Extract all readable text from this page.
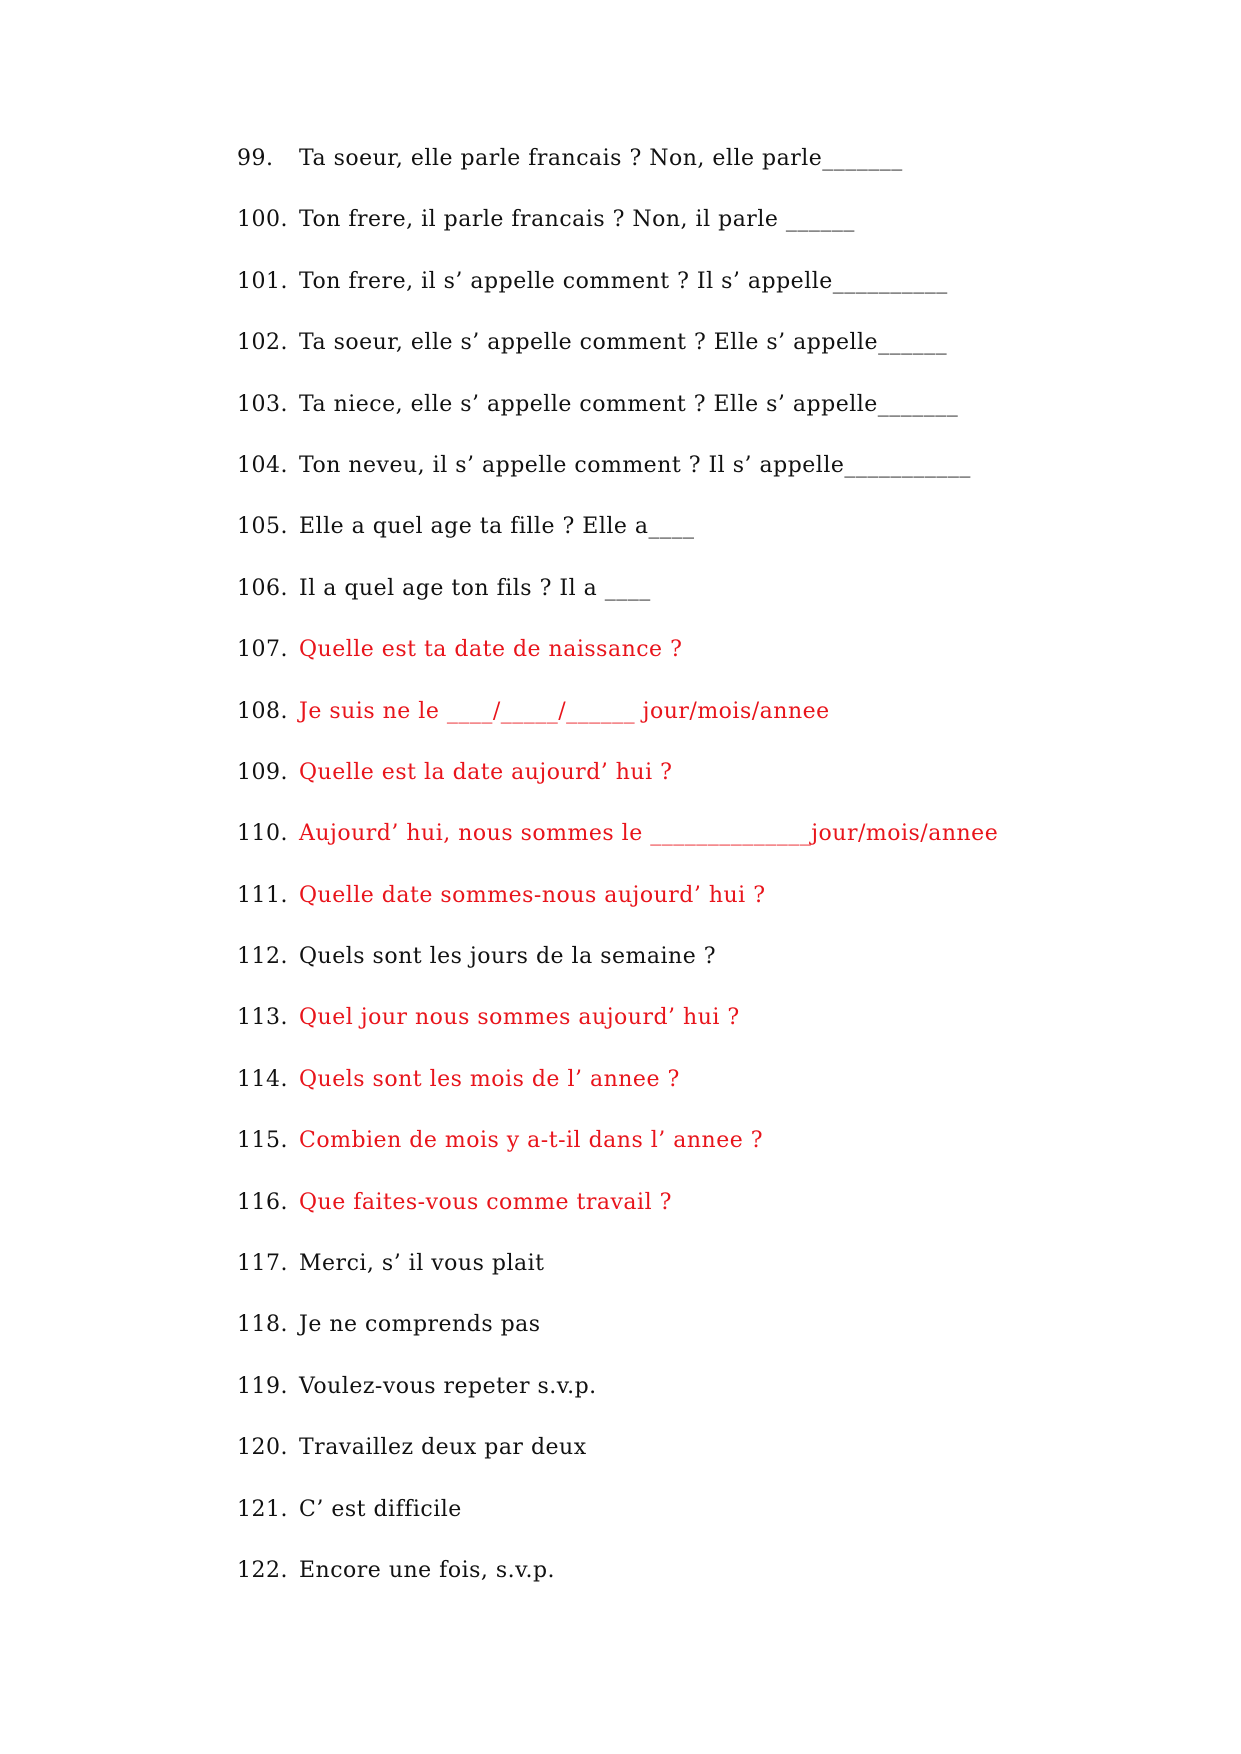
99.	Ta soeur, elle parle francais ? Non, elle parle_______
100. Ton frere, il parle francais ? Non, il parle ______
101. Ton frere, il s’ appelle comment ? Il s’ appelle__________
102. Ta soeur, elle s’ appelle comment ? Elle s’ appelle______
103. Ta niece, elle s’ appelle comment ? Elle s’ appelle_______
104. Ton neveu, il s’ appelle comment ? Il s’ appelle___________
105. Elle a quel age ta fille ? Elle a____
106. Il a quel age ton fils ? Il a ____
107. Quelle est ta date de naissance ?
108. Je suis ne le ____/_____/______ jour/mois/annee
109. Quelle est la date aujourd’ hui ?
110. Aujourd’ hui, nous sommes le ______________jour/mois/annee
111. Quelle date sommes-nous aujourd’ hui ?
112. Quels sont les jours de la semaine ?
113. Quel jour nous sommes aujourd’ hui ?
114. Quels sont les mois de l’ annee ?
115. Combien de mois y a-t-il dans l’ annee ?
116. Que faites-vous comme travail ?
117. Merci, s’ il vous plait
118. Je ne comprends pas
119. Voulez-vous repeter s.v.p.
120. Travaillez deux par deux
121. C’ est difficile
122. Encore une fois, s.v.p.
